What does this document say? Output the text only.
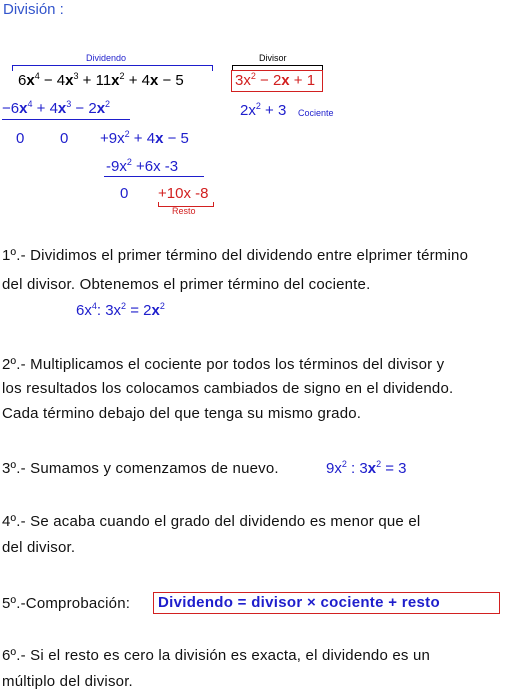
División :
Dividendo	Divisor
$6x^4 - 4x^3 + 11x^2 + 4x - 5$	$3x^2 - 2x + 1$
$-6x^4 + 4x^3 - 2x^2$	$2x^2 + 3$ Cociente
0 $0 +9x^2 + 4x - 5$
$-9x^2 +6x$ -3
0 +10x -8
Resto
1º.- Dividimos el primer término del dividendo entre elprimer término
del divisor. Obtenemos el primer término del cociente.
$6x^4$: $3x^2 = 2x^2$
2º.- Multiplicamos el cociente por todos los términos del divisor y
los resultados los colocamos cambiados de signo en el dividendo.
Cada término debajo del que tenga su mismo grado.
3º.- Sumamos y comenzamos de nuevo.	$9x^2$ : $3x^2 = 3$
4º.- Se acaba cuando el grado del dividendo es menor que el
del divisor.
5º.-Comprobación: Dividendo = divisor × cociente + resto
6º.- Si el resto es cero la división es exacta, el dividendo es un
múltiplo del divisor.
